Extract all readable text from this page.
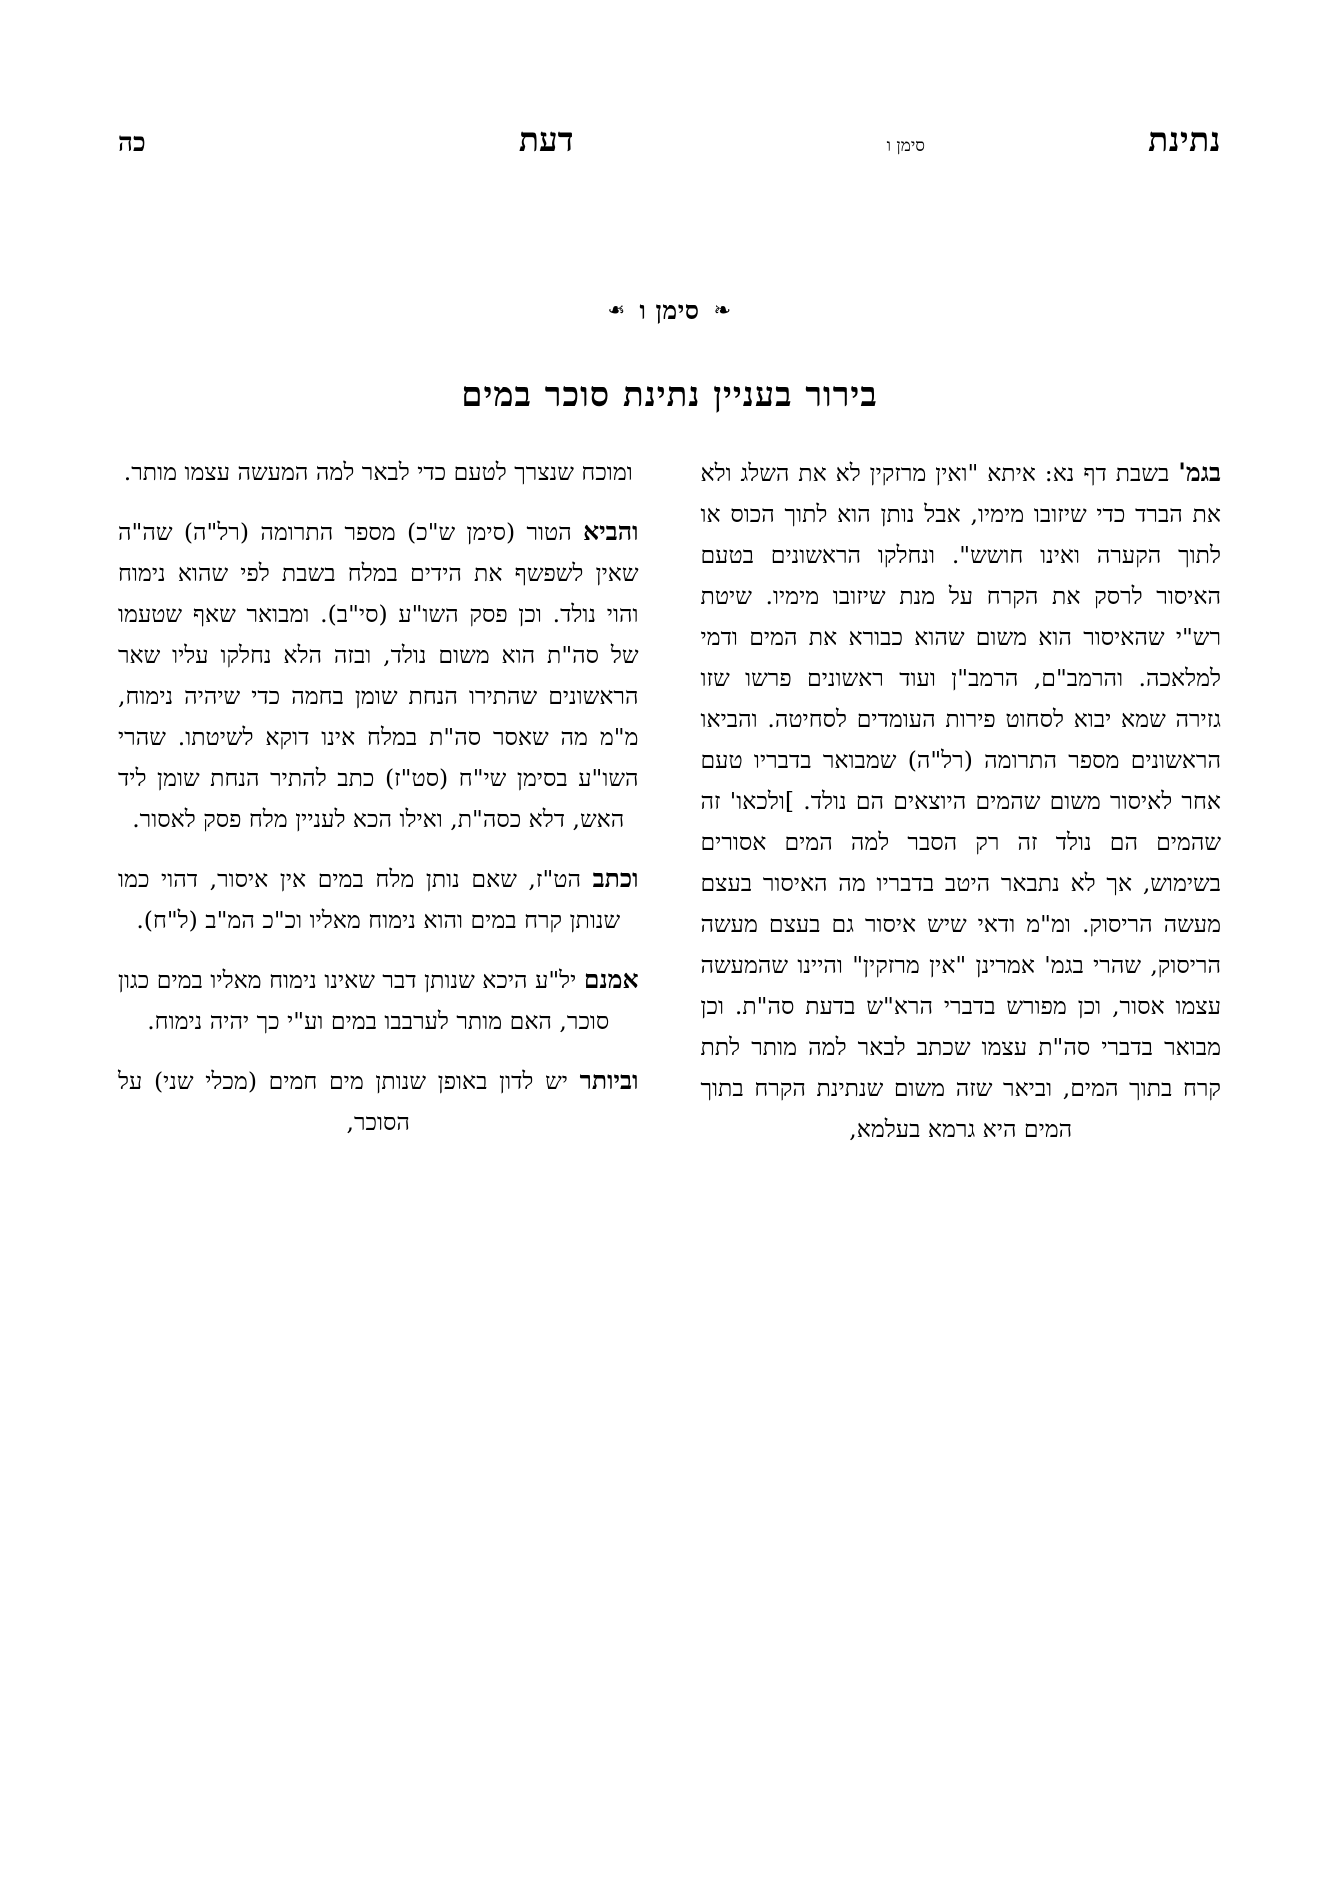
נתינת
סימן ו
דעת
כה
❧סימן ו❧
בירור בעניין נתינת סוכר במים

בגמ' בשבת דף נא: איתא "ואין מרזקין לא את השלג ולא את הברד כדי שיזובו מימיו, אבל נותן הוא לתוך הכוס או לתוך הקערה ואינו חושש". ונחלקו הראשונים בטעם האיסור לרסק את הקרח על מנת שיזובו מימיו. שיטת רש"י שהאיסור הוא משום שהוא כבורא את המים ודמי למלאכה. והרמב"ם, הרמב"ן ועוד ראשונים פרשו שזו גזירה שמא יבוא לסחוט פירות העומדים לסחיטה. והביאו הראשונים מספר התרומה (רל"ה) שמבואר בדבריו טעם אחר לאיסור משום שהמים היוצאים הם נולד. ]ולכאו' זה שהמים הם נולד זה רק הסבר למה המים אסורים בשימוש, אך לא נתבאר היטב בדבריו מה האיסור בעצם מעשה הריסוק. ומ"מ ודאי שיש איסור גם בעצם מעשה הריסוק, שהרי בגמ' אמרינן "אין מרזקין" והיינו שהמעשה עצמו אסור, וכן מפורש בדברי הרא"ש בדעת סה"ת. וכן מבואר בדברי סה"ת עצמו שכתב לבאר למה מותר לתת קרח בתוך המים, וביאר שזה משום שנתינת הקרח בתוך המים היא גרמא בעלמא,

ומוכח שנצרך לטעם כדי לבאר למה המעשה עצמו מותר.

והביא הטור (סימן ש"כ) מספר התרומה (רל"ה) שה"ה שאין לשפשף את הידים במלח בשבת לפי שהוא נימוח והוי נולד. וכן פסק השו"ע (סי"ב). ומבואר שאף שטעמו של סה"ת הוא משום נולד, ובזה הלא נחלקו עליו שאר הראשונים שהתירו הנחת שומן בחמה כדי שיהיה נימוח, מ"מ מה שאסר סה"ת במלח אינו דוקא לשיטתו. שהרי השו"ע בסימן שי"ח (סט"ז) כתב להתיר הנחת שומן ליד האש, דלא כסה"ת, ואילו הכא לעניין מלח פסק לאסור.

וכתב הט"ז, שאם נותן מלח במים אין איסור, דהוי כמו שנותן קרח במים והוא נימוח מאליו וכ"כ המ"ב (ל"ח).

אמנם יל"ע היכא שנותן דבר שאינו נימוח מאליו במים כגון סוכר, האם מותר לערבבו במים וע"י כך יהיה נימוח.

וביותר יש לדון באופן שנותן מים חמים (מכלי שני) על הסוכר,
